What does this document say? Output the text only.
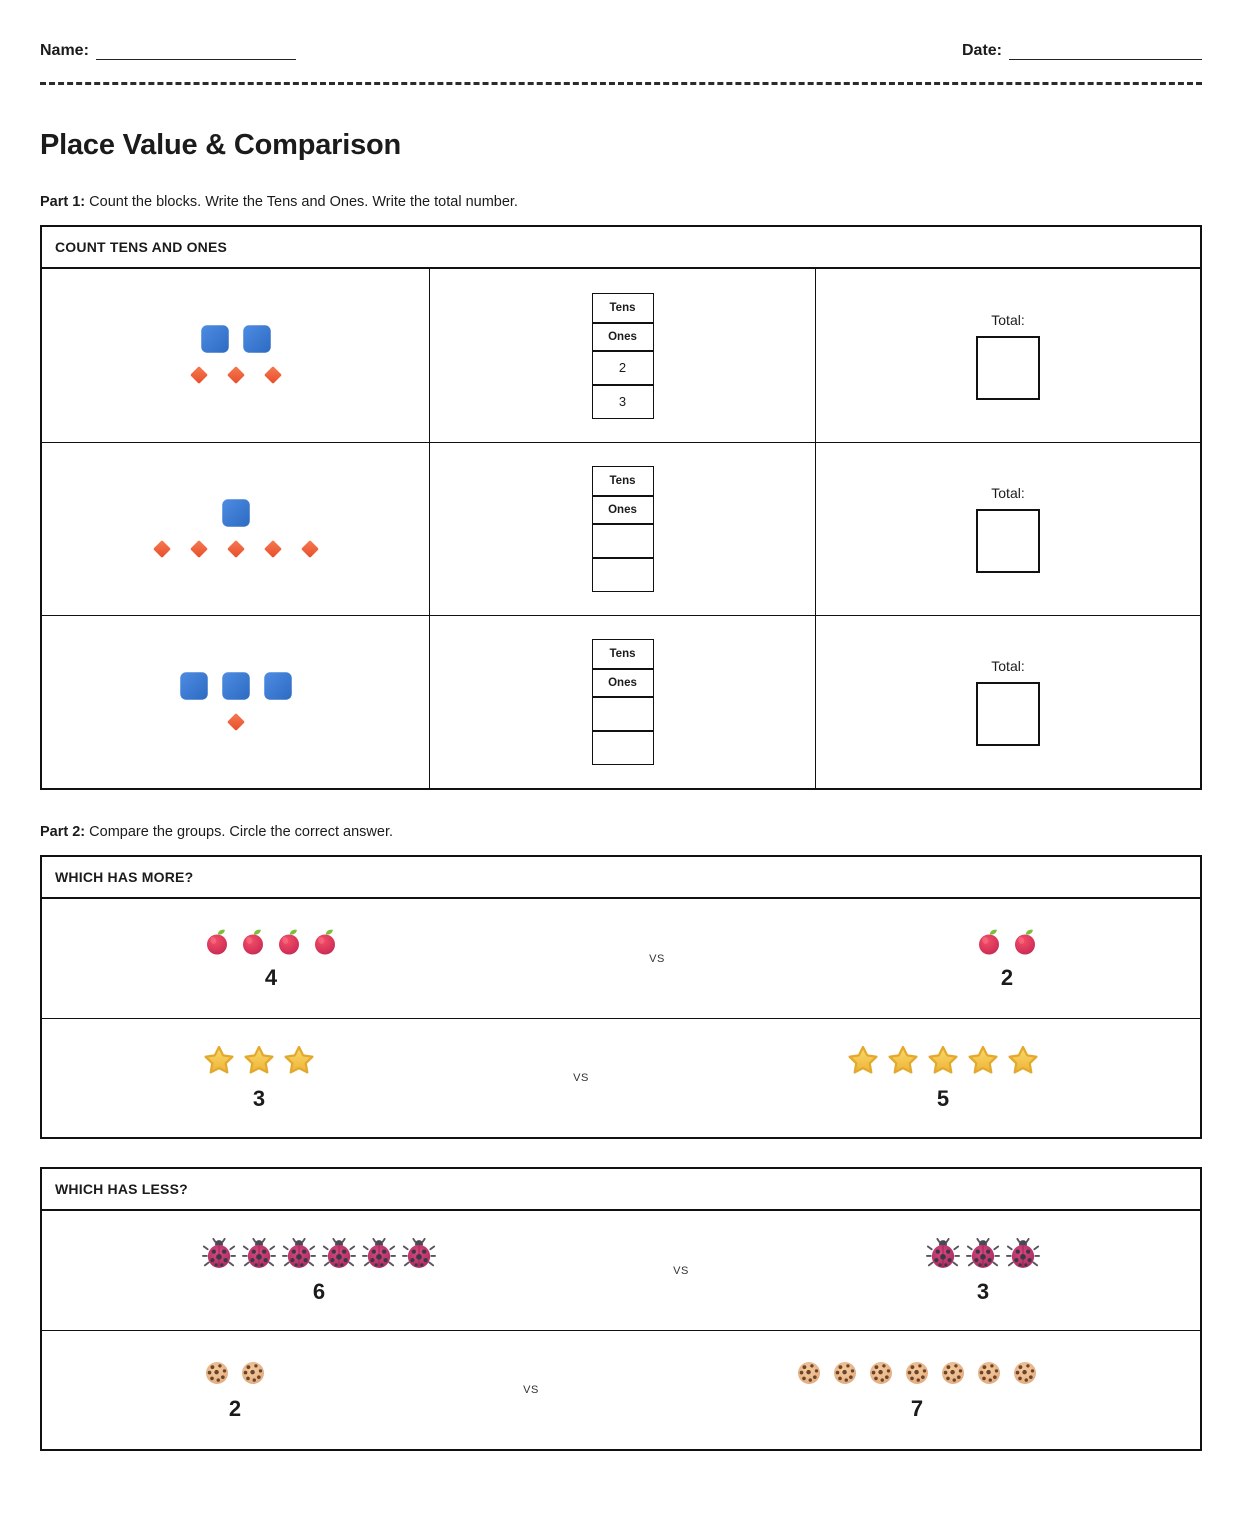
Name:	Date:
Place Value & Comparison

Part 1: Count the blocks. Write the Tens and Ones. Write the total number.

COUNT TENS AND ONES
Tens
Ones
2
3
Total:
Tens
Ones
Total:
Tens
Ones
Total:

Part 2: Compare the groups. Circle the correct answer.

WHICH HAS MORE?
4
VS
2
3
VS
5
WHICH HAS LESS?
6
VS
3
2
VS
7
